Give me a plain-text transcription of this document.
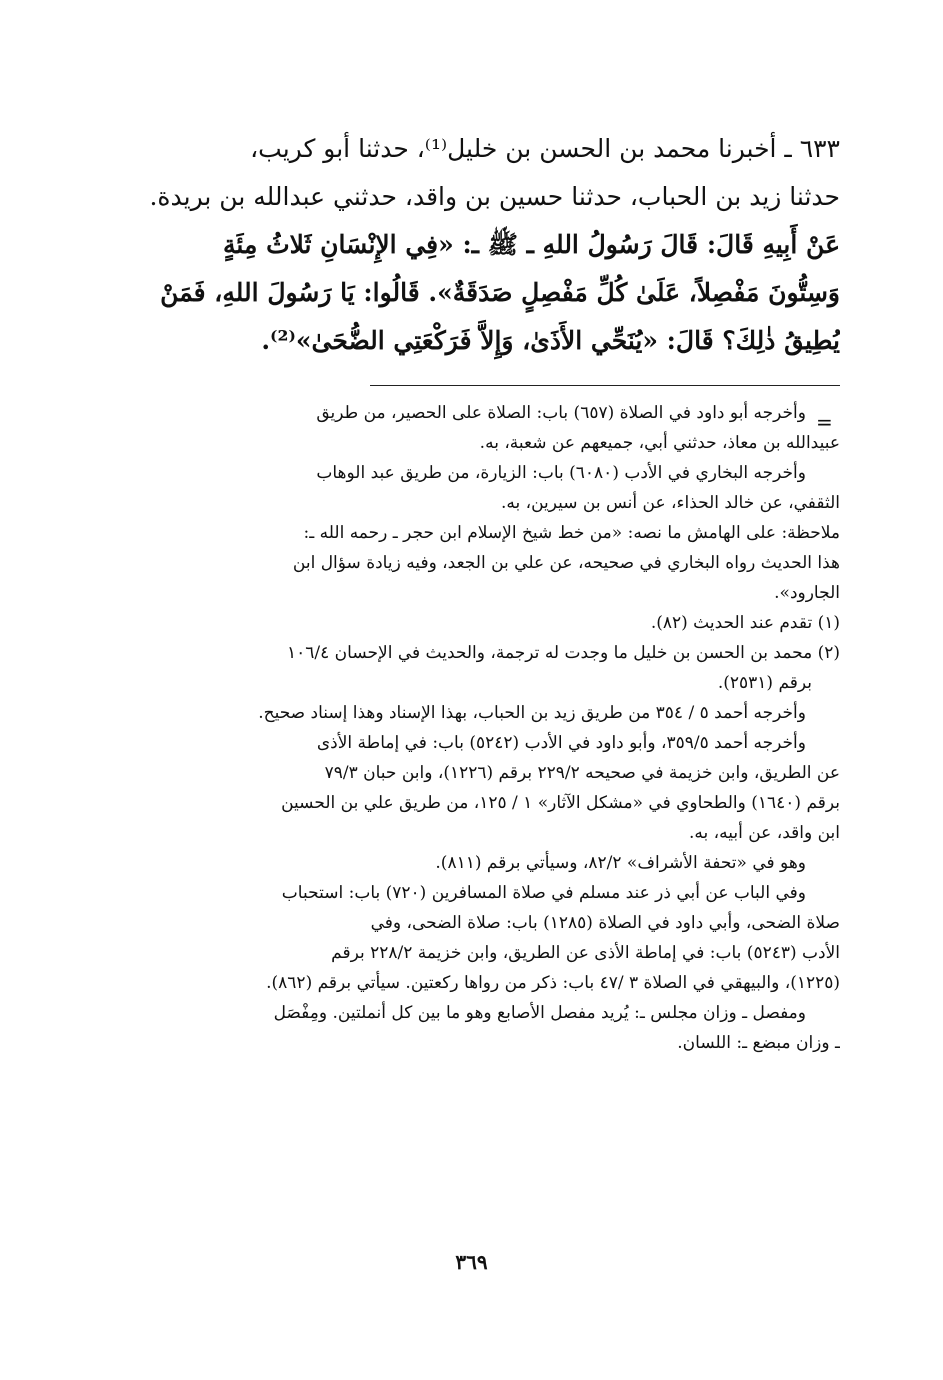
٦٣٣ ـ أخبرنا محمد بن الحسن بن خليل⁽¹⁾، حدثنا أبو كريب،

حدثنا زيد بن الحباب، حدثنا حسين بن واقد، حدثني عبدالله بن بريدة.

عَنْ أَبِيهِ قَالَ: قَالَ رَسُولُ اللهِ ـ ﷺ ـ: «فِي الإِنْسَانِ ثَلاثُ مِئَةٍ

وَسِتُّونَ مَفْصِلاً، عَلَىٰ كُلِّ مَفْصِلٍ صَدَقَةٌ». قَالُوا: يَا رَسُولَ اللهِ، فَمَنْ

يُطِيقُ ذٰلِكَ؟ قَالَ: «يُنَحِّي الأَذَىٰ، وَإِلاَّ فَرَكْعَتِي الضُّحَىٰ»⁽²⁾.

=

وأخرجه أبو داود في الصلاة (٦٥٧) باب: الصلاة على الحصير، من طريق

عبيدالله بن معاذ، حدثني أبي، جميعهم عن شعبة، به.

وأخرجه البخاري في الأدب (٦٠٨٠) باب: الزيارة، من طريق عبد الوهاب

الثقفي، عن خالد الحذاء، عن أنس بن سيرين، به.

ملاحظة: على الهامش ما نصه: «من خط شيخ الإسلام ابن حجر ـ رحمه الله ـ:

هذا الحديث رواه البخاري في صحيحه، عن علي بن الجعد، وفيه زيادة سؤال ابن

الجارود».

(١) تقدم عند الحديث (٨٢).

(٢) محمد بن الحسن بن خليل ما وجدت له ترجمة، والحديث في الإحسان ١٠٦/٤

برقم (٢٥٣١).

وأخرجه أحمد ٥ / ٣٥٤ من طريق زيد بن الحباب، بهذا الإسناد وهذا إسناد صحيح.

وأخرجه أحمد ٣٥٩/٥، وأبو داود في الأدب (٥٢٤٢) باب: في إماطة الأذى

عن الطريق، وابن خزيمة في صحيحه ٢٢٩/٢ برقم (١٢٢٦)، وابن حبان ٧٩/٣

برقم (١٦٤٠) والطحاوي في «مشكل الآثار» ١ / ١٢٥، من طريق علي بن الحسين

ابن واقد، عن أبيه، به.

وهو في «تحفة الأشراف» ٨٢/٢، وسيأتي برقم (٨١١).

وفي الباب عن أبي ذر عند مسلم في صلاة المسافرين (٧٢٠) باب: استحباب

صلاة الضحى، وأبي داود في الصلاة (١٢٨٥) باب: صلاة الضحى، وفي

الأدب (٥٢٤٣) باب: في إماطة الأذى عن الطريق، وابن خزيمة ٢٢٨/٢ برقم

(١٢٢٥)، والبيهقي في الصلاة ٣ /٤٧ باب: ذكر من رواها ركعتين. سيأتي برقم (٨٦٢).

ومفصل ـ وزان مجلس ـ: يُريد مفصل الأصابع وهو ما بين كل أنملتين. ومِفْصَل

ـ وزان مبضع ـ: اللسان.

٣٦٩
